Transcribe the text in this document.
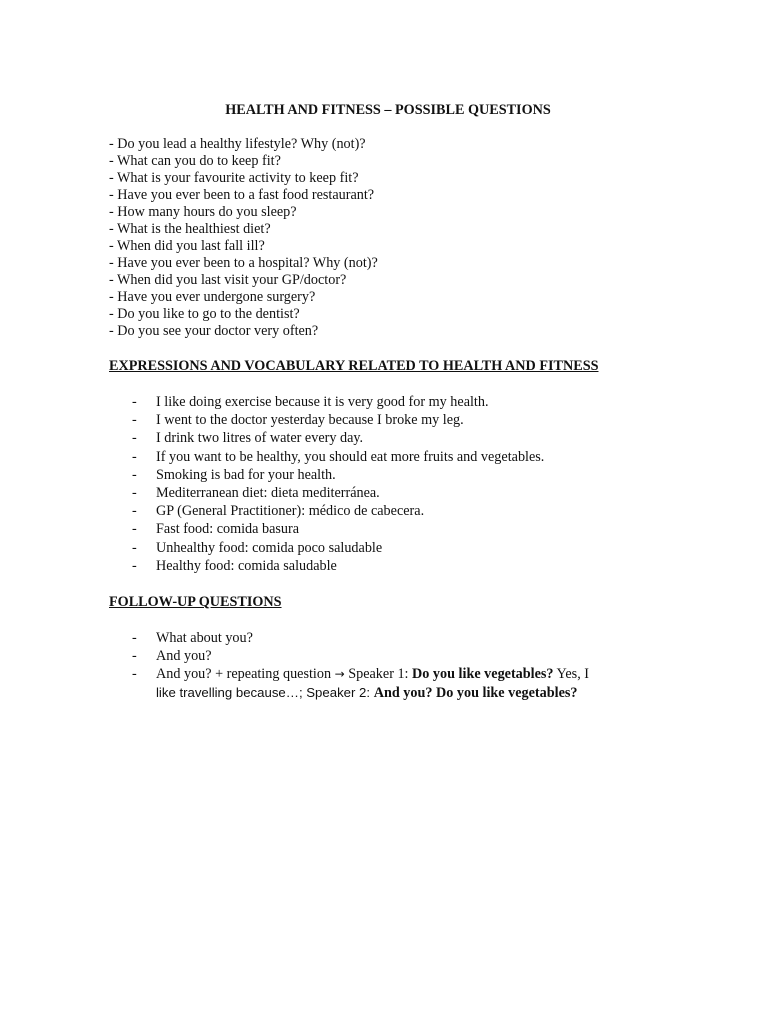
HEALTH AND FITNESS – POSSIBLE QUESTIONS
- Do you lead a healthy lifestyle? Why (not)?
- What can you do to keep fit?
- What is your favourite activity to keep fit?
- Have you ever been to a fast food restaurant?
- How many hours do you sleep?
- What is the healthiest diet?
- When did you last fall ill?
- Have you ever been to a hospital? Why (not)?
- When did you last visit your GP/doctor?
- Have you ever undergone surgery?
- Do you like to go to the dentist?
- Do you see your doctor very often?
EXPRESSIONS AND VOCABULARY RELATED TO HEALTH AND FITNESS
- I like doing exercise because it is very good for my health.
- I went to the doctor yesterday because I broke my leg.
- I drink two litres of water every day.
- If you want to be healthy, you should eat more fruits and vegetables.
- Smoking is bad for your health.
- Mediterranean diet: dieta mediterránea.
- GP (General Practitioner): médico de cabecera.
- Fast food: comida basura
- Unhealthy food: comida poco saludable
- Healthy food: comida saludable
FOLLOW-UP QUESTIONS
- What about you?
- And you?
- And you? + repeating question → Speaker 1: Do you like vegetables? Yes, I
like travelling because…; Speaker 2: And you? Do you like vegetables?
